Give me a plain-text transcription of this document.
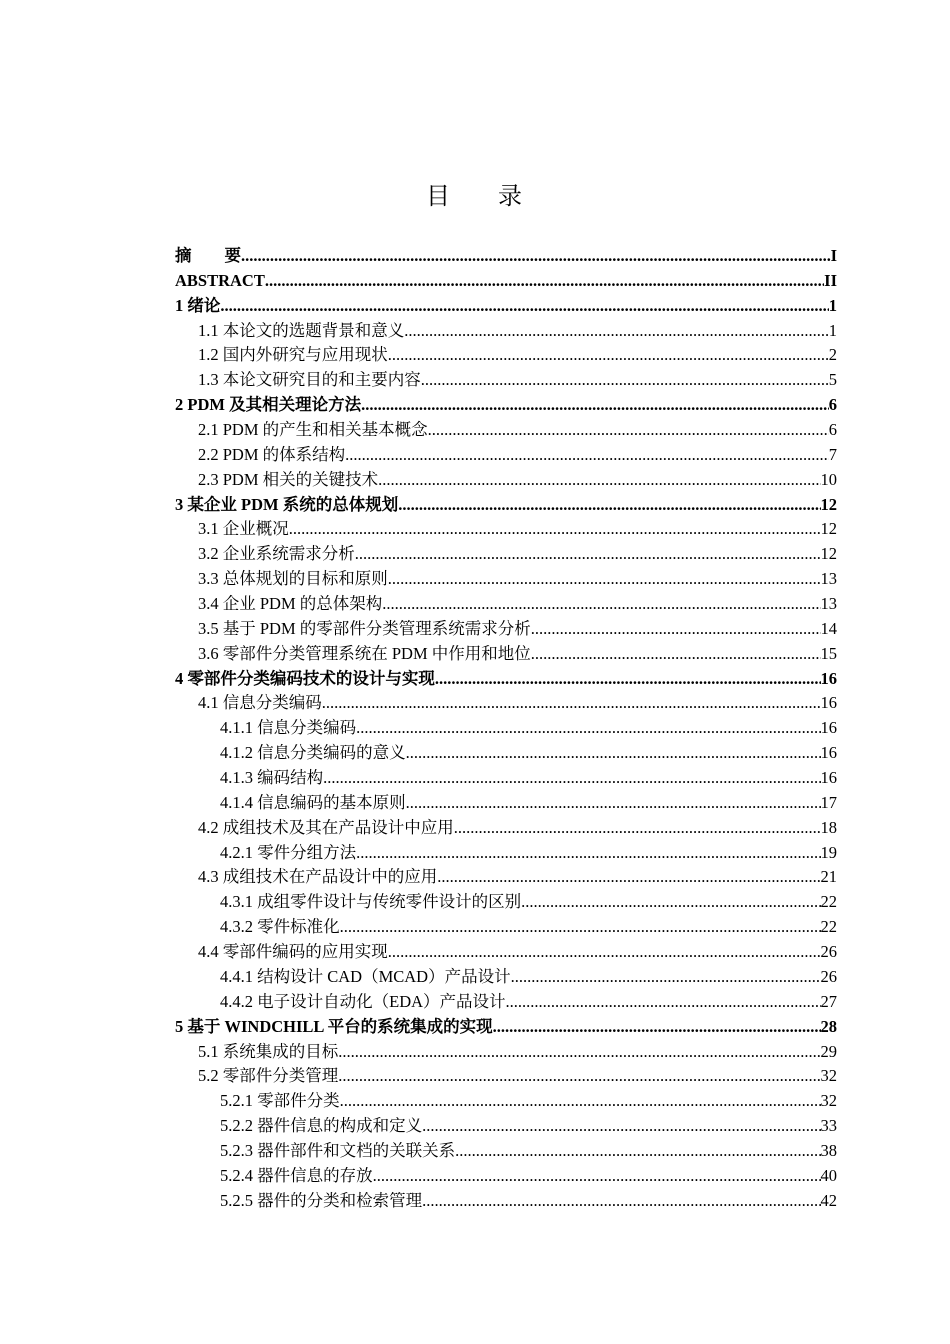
目 录
摘　　要 .....	I
ABSTRACT .....	II
1 绪论 .....	1
1.1 本论文的选题背景和意义 .....	1
1.2 国内外研究与应用现状 .....	2
1.3 本论文研究目的和主要内容 .....	5
2 PDM 及其相关理论方法 .....	6
2.1 PDM 的产生和相关基本概念 .....	6
2.2 PDM 的体系结构 .....	7
2.3 PDM 相关的关键技术 .....	10
3 某企业 PDM 系统的总体规划 .....	12
3.1 企业概况 .....	12
3.2 企业系统需求分析 .....	12
3.3 总体规划的目标和原则 .....	13
3.4 企业 PDM 的总体架构 .....	13
3.5 基于 PDM 的零部件分类管理系统需求分析 .....	14
3.6 零部件分类管理系统在 PDM 中作用和地位 .....	15
4 零部件分类编码技术的设计与实现 .....	16
4.1 信息分类编码 .....	16
4.1.1 信息分类编码 .....	16
4.1.2 信息分类编码的意义 .....	16
4.1.3 编码结构 .....	16
4.1.4 信息编码的基本原则 .....	17
4.2 成组技术及其在产品设计中应用 .....	18
4.2.1 零件分组方法 .....	19
4.3 成组技术在产品设计中的应用 .....	21
4.3.1 成组零件设计与传统零件设计的区别 .....	22
4.3.2 零件标准化 .....	22
4.4 零部件编码的应用实现 .....	26
4.4.1 结构设计 CAD（MCAD）产品设计 .....	26
4.4.2 电子设计自动化（EDA）产品设计 .....	27
5 基于 WINDCHILL 平台的系统集成的实现 .....	28
5.1 系统集成的目标 .....	29
5.2 零部件分类管理 .....	32
5.2.1 零部件分类 .....	32
5.2.2 器件信息的构成和定义 .....	33
5.2.3 器件部件和文档的关联关系 .....	38
5.2.4 器件信息的存放 .....	40
5.2.5 器件的分类和检索管理 .....	42
